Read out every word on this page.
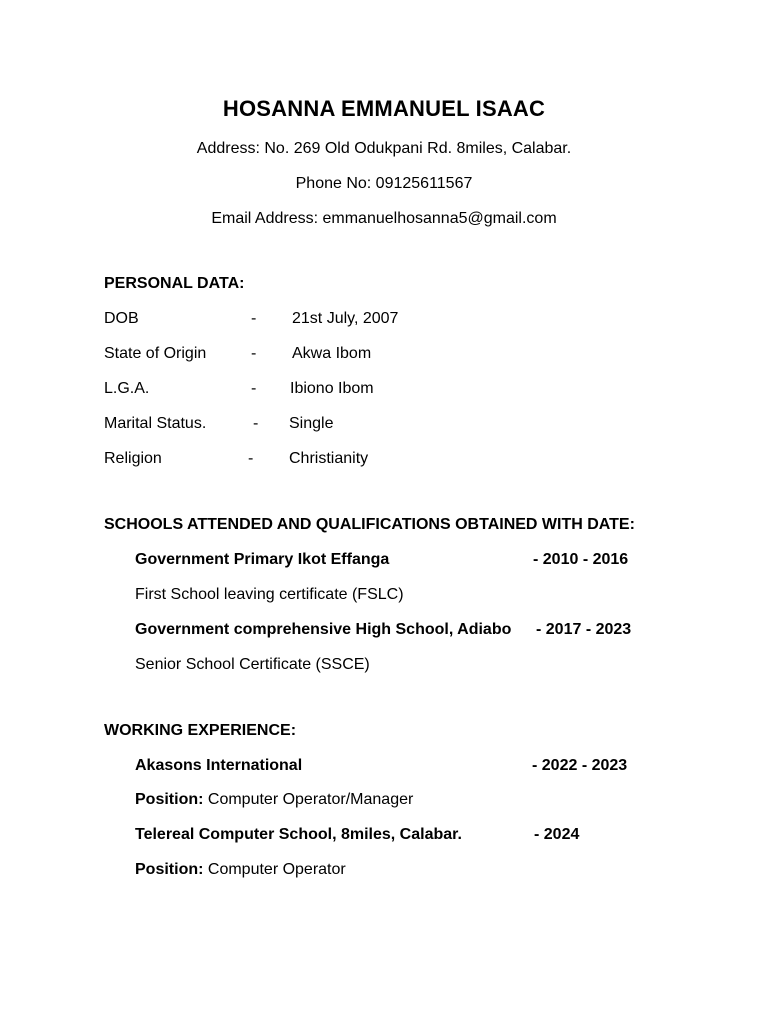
HOSANNA EMMANUEL ISAAC
Address: No. 269 Old Odukpani Rd. 8miles, Calabar.
Phone No: 09125611567
Email Address: emmanuelhosanna5@gmail.com
PERSONAL DATA:
DOB	- 21st July, 2007
State of Origin	- Akwa Ibom
L.G.A.	- Ibiono Ibom
Marital Status.	- Single
Religion	- Christianity
SCHOOLS ATTENDED AND QUALIFICATIONS OBTAINED WITH DATE:
Government Primary Ikot Effanga	- 2010 - 2016
First School leaving certificate (FSLC)
Government comprehensive High School, Adiabo - 2017 - 2023
Senior School Certificate (SSCE)
WORKING EXPERIENCE:
Akasons International	- 2022 - 2023
Position: Computer Operator/Manager
Telereal Computer School, 8miles, Calabar.	- 2024
Position: Computer Operator
